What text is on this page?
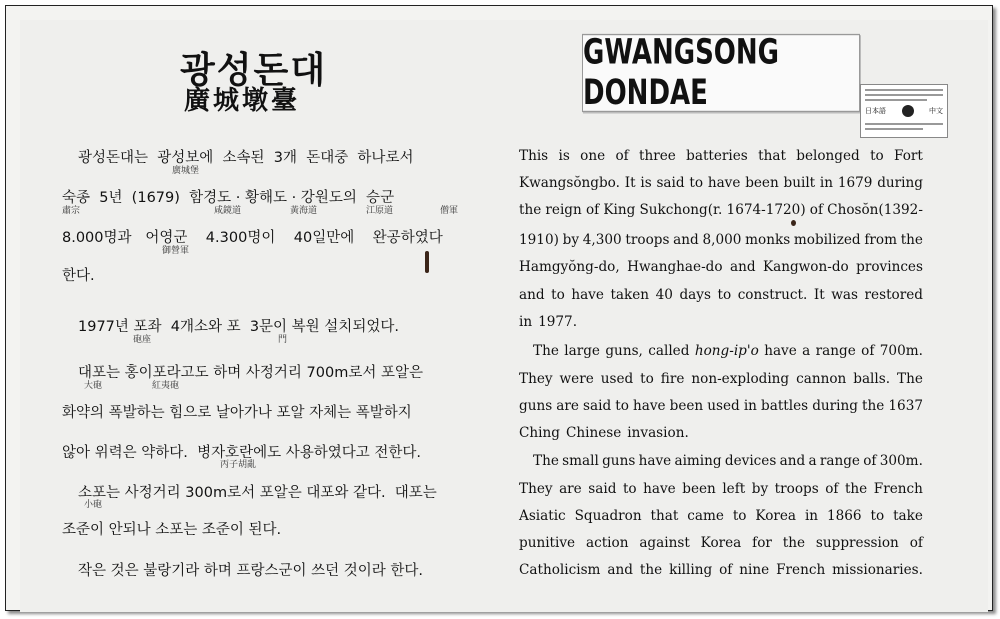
광성돈대
廣城墩臺
광성돈대는  광성보에  소속된  3개  돈대중  하나로서
廣城堡
숙종  5년  (1679)  함경도 · 황해도 · 강원도의  승군
肅宗	咸鏡道	黃海道	江原道	僧軍
8.000명과   어영군    4.300명이    40일만에    완공하였다
御營軍
한다.
1977년 포좌  4개소와 포  3문이 복원 설치되었다.
砲座	門
대포는 홍이포라고도 하며 사정거리 700m로서 포알은
大砲	紅夷砲
화약의 폭발하는 힘으로 날아가나 포알 자체는 폭발하지
않아 위력은 약하다.  병자호란에도 사용하였다고 전한다.
丙子胡亂
소포는 사정거리 300m로서 포알은 대포와 같다.  대포는
小砲
조준이 안되나 소포는 조준이 된다.
작은 것은 불랑기라 하며 프랑스군이 쓰던 것이라 한다.
GWANGSONG DONDAE	日本語	中文
This is one of three batteries that belonged to Fort
Kwangsŏngbo. It is said to have been built in 1679 during
the reign of King Sukchong(r. 1674-1720) of Chosŏn(1392-
1910) by 4,300 troops and 8,000 monks mobilized from the
Hamgyŏng-do, Hwanghae-do and Kangwon-do provinces
and to have taken 40 days to construct. It was restored
in 1977.
The large guns, called hong-ip'o have a range of 700m.
They were used to fire non-exploding cannon balls. The
guns are said to have been used in battles during the 1637
Ching Chinese invasion.
The small guns have aiming devices and a range of 300m.
They are said to have been left by troops of the French
Asiatic Squadron that came to Korea in 1866 to take
punitive action against Korea for the suppression of
Catholicism and the killing of nine French missionaries.
